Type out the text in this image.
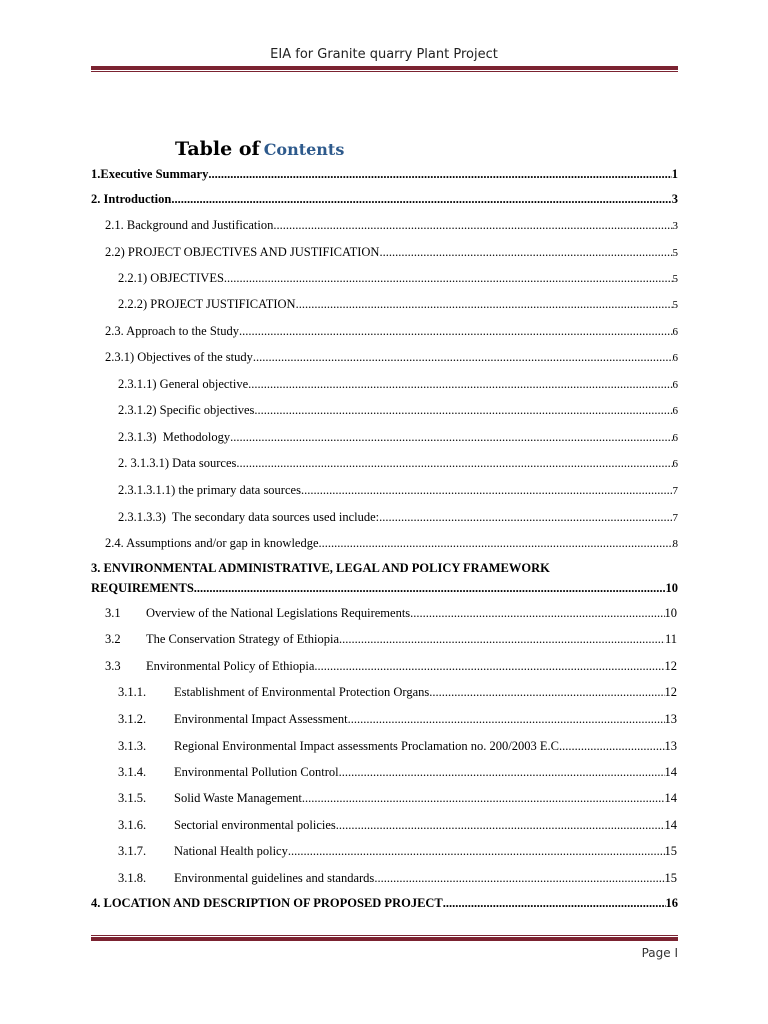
EIA for Granite quarry Plant Project
Table of Contents
1.Executive Summary .....	1
2. Introduction .....	3
2.1. Background and Justification .....	3
2.2) PROJECT OBJECTIVES AND JUSTIFICATION .....	5
2.2.1) OBJECTIVES .....	5
2.2.2) PROJECT JUSTIFICATION .....	5
2.3. Approach to the Study .....	6
2.3.1) Objectives of the study .....	6
2.3.1.1) General objective .....	6
2.3.1.2) Specific objectives .....	6
2.3.1.3)  Methodology .....	6
2. 3.1.3.1) Data sources .....	6
2.3.1.3.1.1) the primary data sources .....	7
2.3.1.3.3)  The secondary data sources used include: .....	7
2.4. Assumptions and/or gap in knowledge .....	8
3. ENVIRONMENTAL ADMINISTRATIVE, LEGAL AND POLICY FRAMEWORK
REQUIREMENTS .....	10
3.1	Overview of the National Legislations Requirements .....	10
3.2	The Conservation Strategy of Ethiopia .....	11
3.3	Environmental Policy of Ethiopia .....	12
3.1.1.	Establishment of Environmental Protection Organs .....	12
3.1.2.	Environmental Impact Assessment .....	13
3.1.3.	Regional Environmental Impact assessments Proclamation no. 200/2003 E.C. .....	13
3.1.4.	Environmental Pollution Control .....	14
3.1.5.	Solid Waste Management .....	14
3.1.6.	Sectorial environmental policies .....	14
3.1.7.	National Health policy .....	15
3.1.8.	Environmental guidelines and standards .....	15
4. LOCATION AND DESCRIPTION OF PROPOSED PROJECT .....	16
Page I
